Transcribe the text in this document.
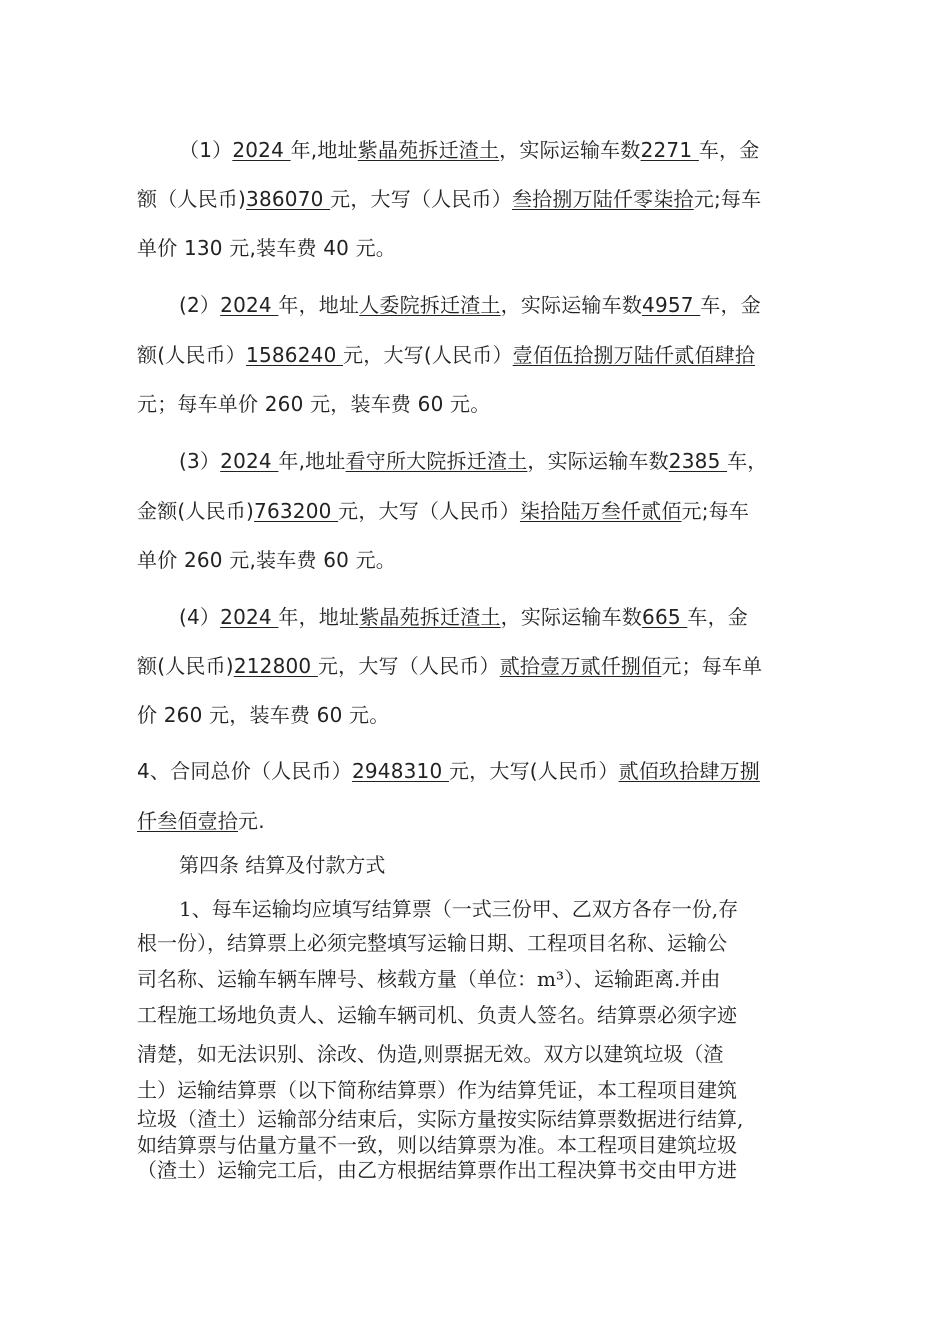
（1）2024 年,地址紫晶苑拆迁渣土，实际运输车数2271 车，金
额（人民币)386070 元，大写（人民币）叁拾捌万陆仟零柒拾元;每车
单价 130 元,装车费 40 元。
(2）2024 年，地址人委院拆迁渣土，实际运输车数4957 车，金
额(人民币）1586240 元，大写(人民币）壹佰伍拾捌万陆仟贰佰肆拾
元；每车单价 260 元，装车费 60 元。
(3）2024 年,地址看守所大院拆迁渣土，实际运输车数2385 车，
金额(人民币)763200 元，大写（人民币）柒拾陆万叁仟贰佰元;每车
单价 260 元,装车费 60 元。
(4）2024 年，地址紫晶苑拆迁渣土，实际运输车数665 车，金
额(人民币)212800 元，大写（人民币）贰拾壹万贰仟捌佰元；每车单
价 260 元，装车费 60 元。
4、合同总价（人民币）2948310 元，大写(人民币）贰佰玖拾肆万捌
仟叁佰壹拾元.
第四条 结算及付款方式
1、每车运输均应填写结算票（一式三份甲、乙双方各存一份,存
根一份），结算票上必须完整填写运输日期、工程项目名称、运输公
司名称、运输车辆车牌号、核载方量（单位：m³）、运输距离.并由
工程施工场地负责人、运输车辆司机、负责人签名。结算票必须字迹
清楚，如无法识别、涂改、伪造,则票据无效。双方以建筑垃圾（渣
土）运输结算票（以下简称结算票）作为结算凭证，本工程项目建筑
垃圾（渣土）运输部分结束后，实际方量按实际结算票数据进行结算,
如结算票与估量方量不一致，则以结算票为准。本工程项目建筑垃圾
（渣土）运输完工后，由乙方根据结算票作出工程决算书交由甲方进
